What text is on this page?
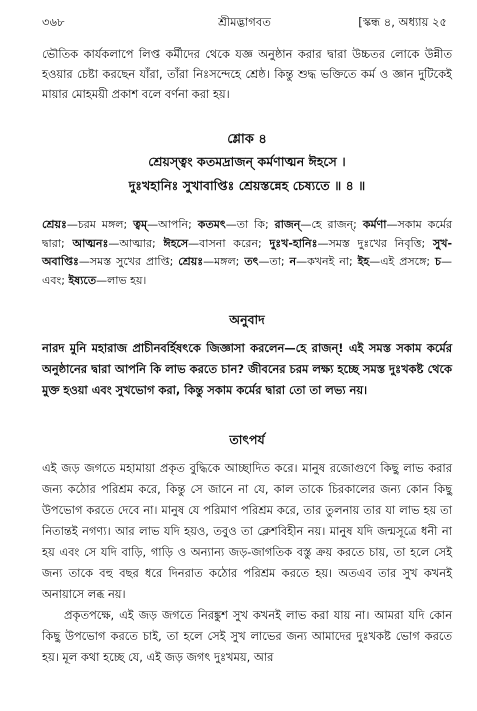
৩৬৮	শ্রীমদ্ভাগবত	[স্কন্ধ ৪, অধ্যায় ২৫
ভৌতিক কার্যকলাপে লিপ্ত কর্মীদের থেকে যজ্ঞ অনুষ্ঠান করার দ্বারা উচ্চতর লোকে উন্নীত হওয়ার চেষ্টা করছেন যাঁরা, তাঁরা নিঃসন্দেহে শ্রেষ্ঠ। কিন্তু শুদ্ধ ভক্তিতে কর্ম ও জ্ঞান দুটিকেই মায়ার মোহময়ী প্রকাশ বলে বর্ণনা করা হয়।
শ্লোক ৪
শ্রেয়স্ত্বং কতমদ্রাজন্ কর্মণাত্মন ঈহসে ।
দুঃখহানিঃ সুখাবাপ্তিঃ শ্রেয়স্তন্নেহ চেষ্যতে ॥ ৪ ॥
শ্রেয়ঃ—চরম মঙ্গল; ত্বম্—আপনি; কতমৎ—তা কি; রাজন্—হে রাজন্; কর্মণা—সকাম কর্মের দ্বারা; আত্মনঃ—আত্মার; ঈহসে—বাসনা করেন; দুঃখ-হানিঃ—সমস্ত দুঃখের নিবৃত্তি; সুখ-অবাপ্তিঃ—সমস্ত সুখের প্রাপ্তি; শ্রেয়ঃ—মঙ্গল; তৎ—তা; ন—কখনই না; ইহ—এই প্রসঙ্গে; চ—এবং; ইষ্যতে—লাভ হয়।
অনুবাদ
নারদ মুনি মহারাজ প্রাচীনবর্হিষৎকে জিজ্ঞাসা করলেন—হে রাজন্! এই সমস্ত সকাম কর্মের অনুষ্ঠানের দ্বারা আপনি কি লাভ করতে চান? জীবনের চরম লক্ষ্য হচ্ছে সমস্ত দুঃখকষ্ট থেকে মুক্ত হওয়া এবং সুখভোগ করা, কিন্তু সকাম কর্মের দ্বারা তো তা লভ্য নয়।
তাৎপর্য
এই জড় জগতে মহামায়া প্রকৃত বুদ্ধিকে আচ্ছাদিত করে। মানুষ রজোগুণে কিছু লাভ করার জন্য কঠোর পরিশ্রম করে, কিন্তু সে জানে না যে, কাল তাকে চিরকালের জন্য কোন কিছু উপভোগ করতে দেবে না। মানুষ যে পরিমাণ পরিশ্রম করে, তার তুলনায় তার যা লাভ হয় তা নিতান্তই নগণ্য। আর লাভ যদি হয়ও, তবুও তা ক্লেশবিহীন নয়। মানুষ যদি জন্মসূত্রে ধনী না হয় এবং সে যদি বাড়ি, গাড়ি ও অন্যান্য জড়-জাগতিক বস্তু ক্রয় করতে চায়, তা হলে সেই জন্য তাকে বহু বছর ধরে দিনরাত কঠোর পরিশ্রম করতে হয়। অতএব তার সুখ কখনই অনায়াসে লব্ধ নয়।
প্রকৃতপক্ষে, এই জড় জগতে নিরঙ্কুশ সুখ কখনই লাভ করা যায় না। আমরা যদি কোন কিছু উপভোগ করতে চাই, তা হলে সেই সুখ লাভের জন্য আমাদের দুঃখকষ্ট ভোগ করতে হয়। মূল কথা হচ্ছে যে, এই জড় জগৎ দুঃখময়, আর
